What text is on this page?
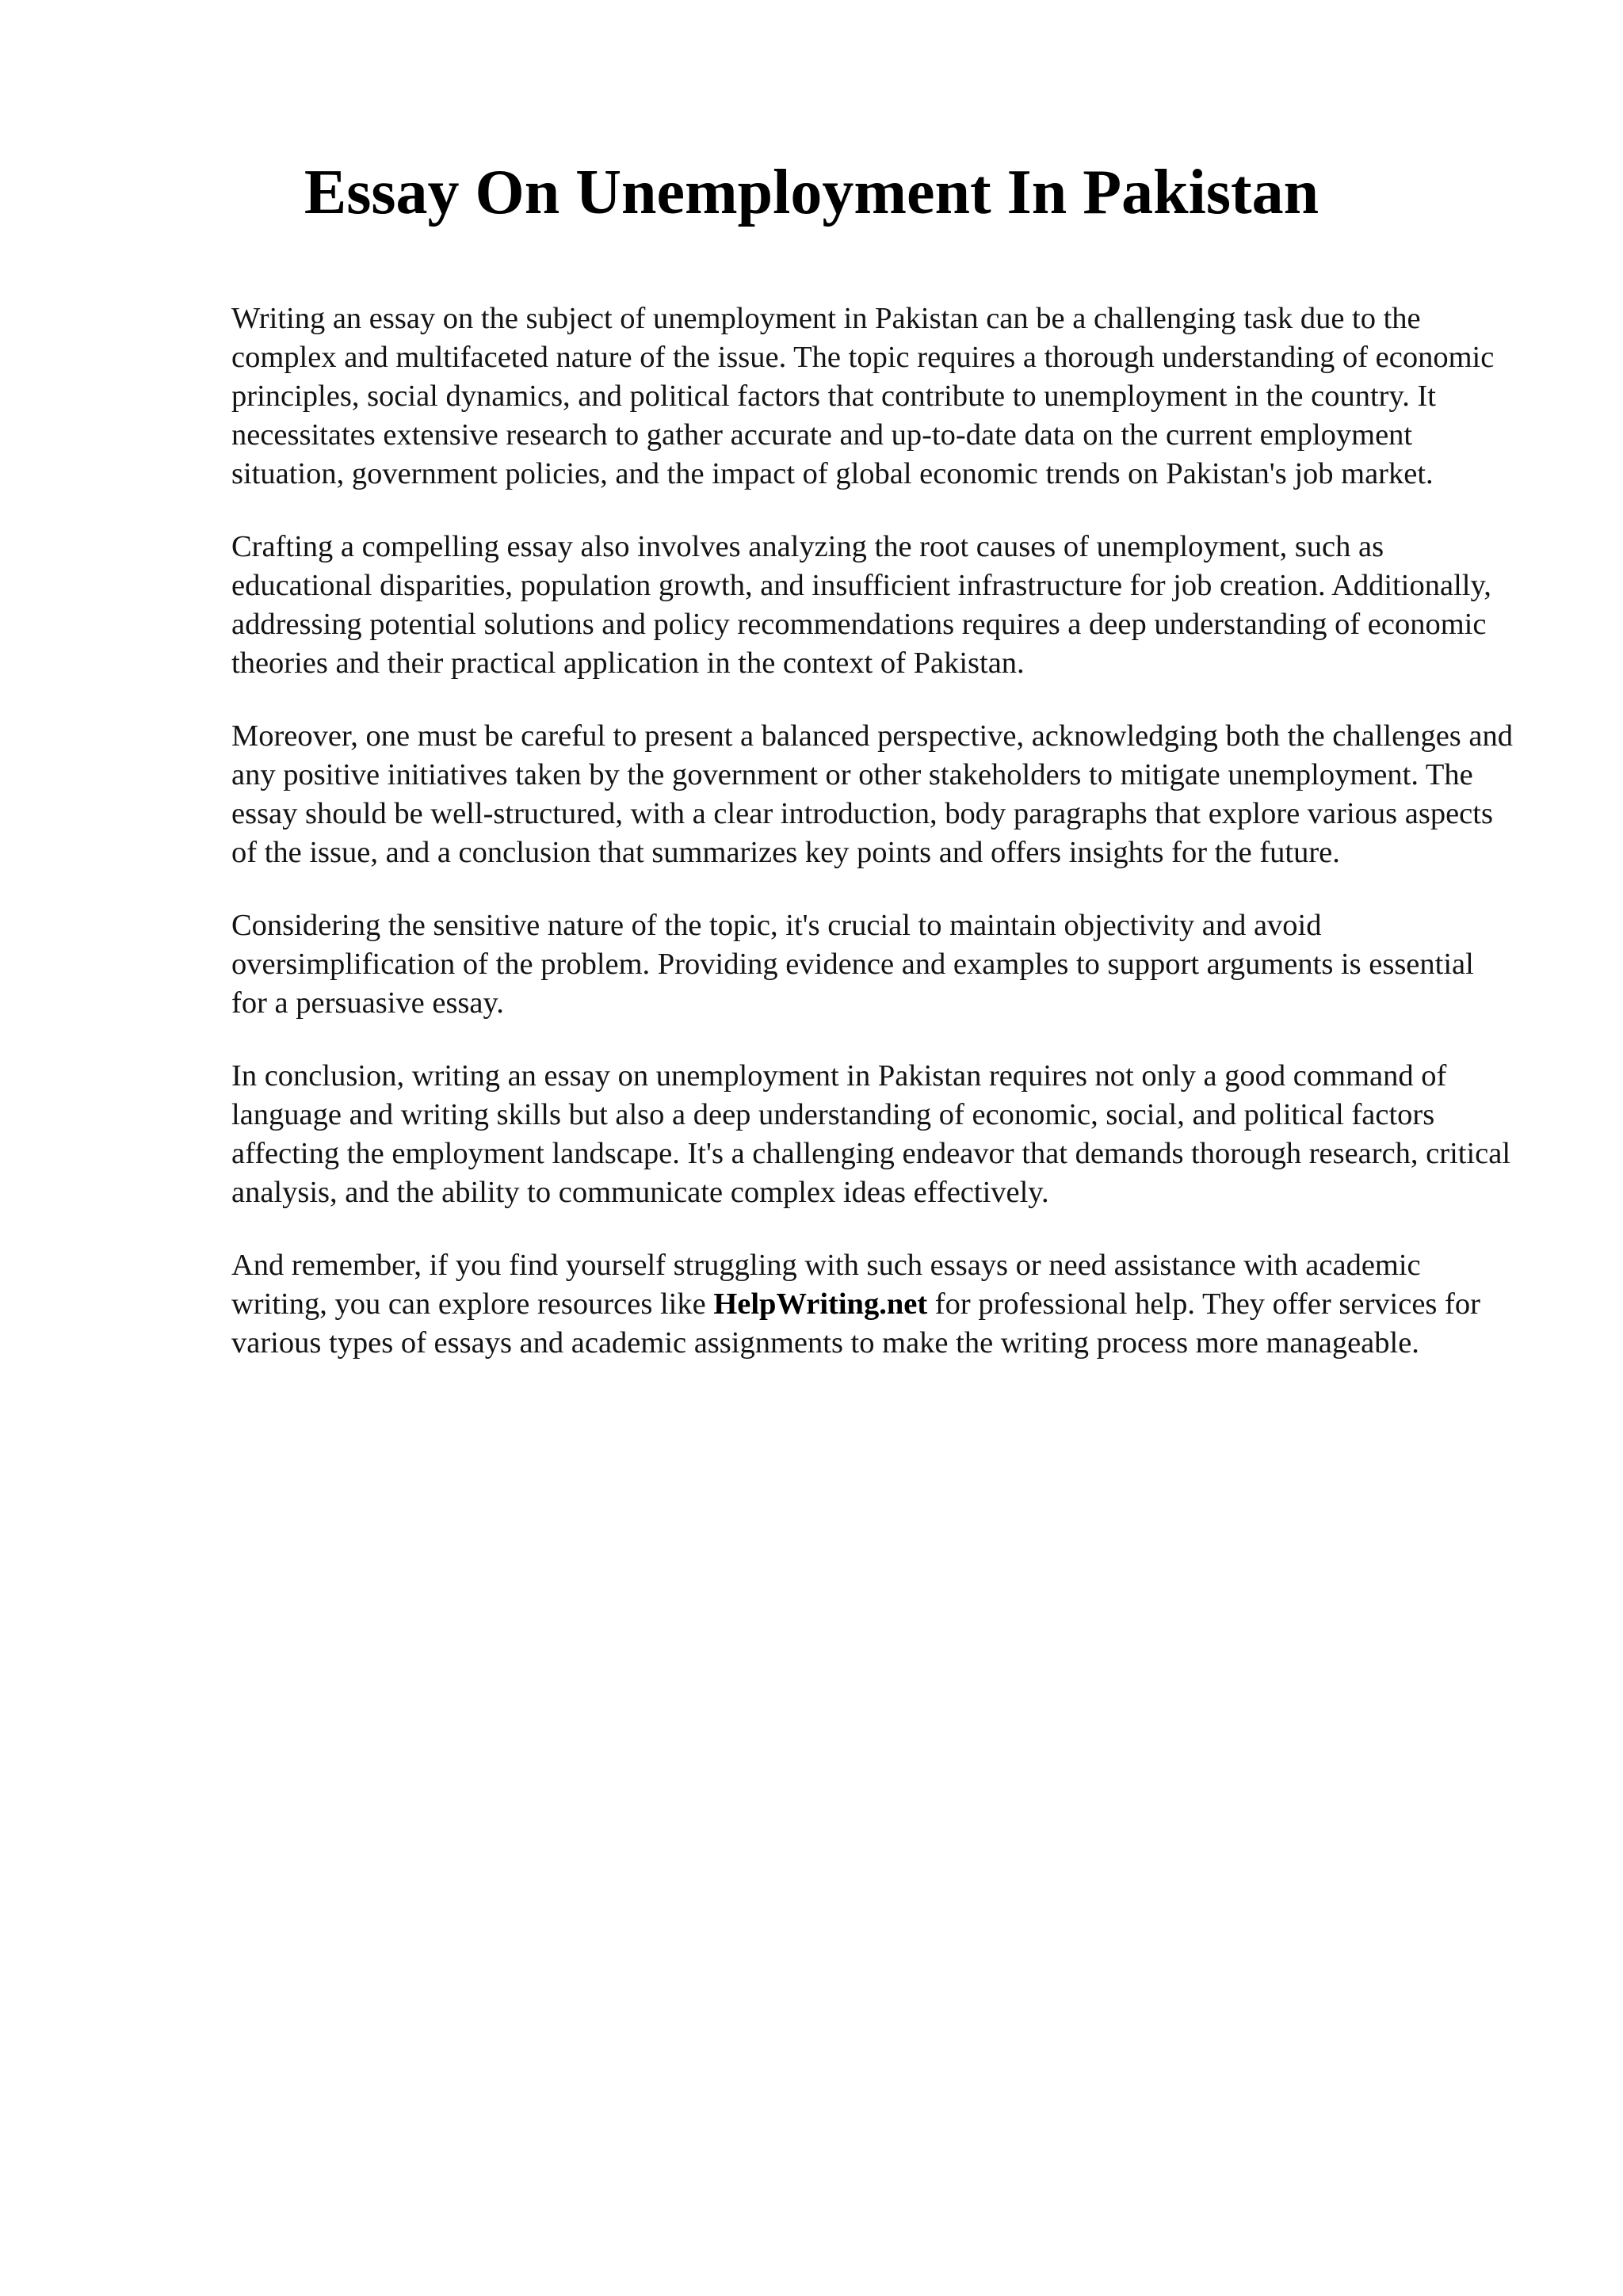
Essay On Unemployment In Pakistan

Writing an essay on the subject of unemployment in Pakistan can be a challenging task due to the complex and multifaceted nature of the issue. The topic requires a thorough understanding of economic principles, social dynamics, and political factors that contribute to unemployment in the country. It necessitates extensive research to gather accurate and up-to-date data on the current employment situation, government policies, and the impact of global economic trends on Pakistan's job market.

Crafting a compelling essay also involves analyzing the root causes of unemployment, such as educational disparities, population growth, and insufficient infrastructure for job creation. Additionally, addressing potential solutions and policy recommendations requires a deep understanding of economic theories and their practical application in the context of Pakistan.

Moreover, one must be careful to present a balanced perspective, acknowledging both the challenges and any positive initiatives taken by the government or other stakeholders to mitigate unemployment. The essay should be well-structured, with a clear introduction, body paragraphs that explore various aspects of the issue, and a conclusion that summarizes key points and offers insights for the future.

Considering the sensitive nature of the topic, it's crucial to maintain objectivity and avoid oversimplification of the problem. Providing evidence and examples to support arguments is essential for a persuasive essay.

In conclusion, writing an essay on unemployment in Pakistan requires not only a good command of language and writing skills but also a deep understanding of economic, social, and political factors affecting the employment landscape. It's a challenging endeavor that demands thorough research, critical analysis, and the ability to communicate complex ideas effectively.

And remember, if you find yourself struggling with such essays or need assistance with academic writing, you can explore resources like HelpWriting.net for professional help. They offer services for various types of essays and academic assignments to make the writing process more manageable.
